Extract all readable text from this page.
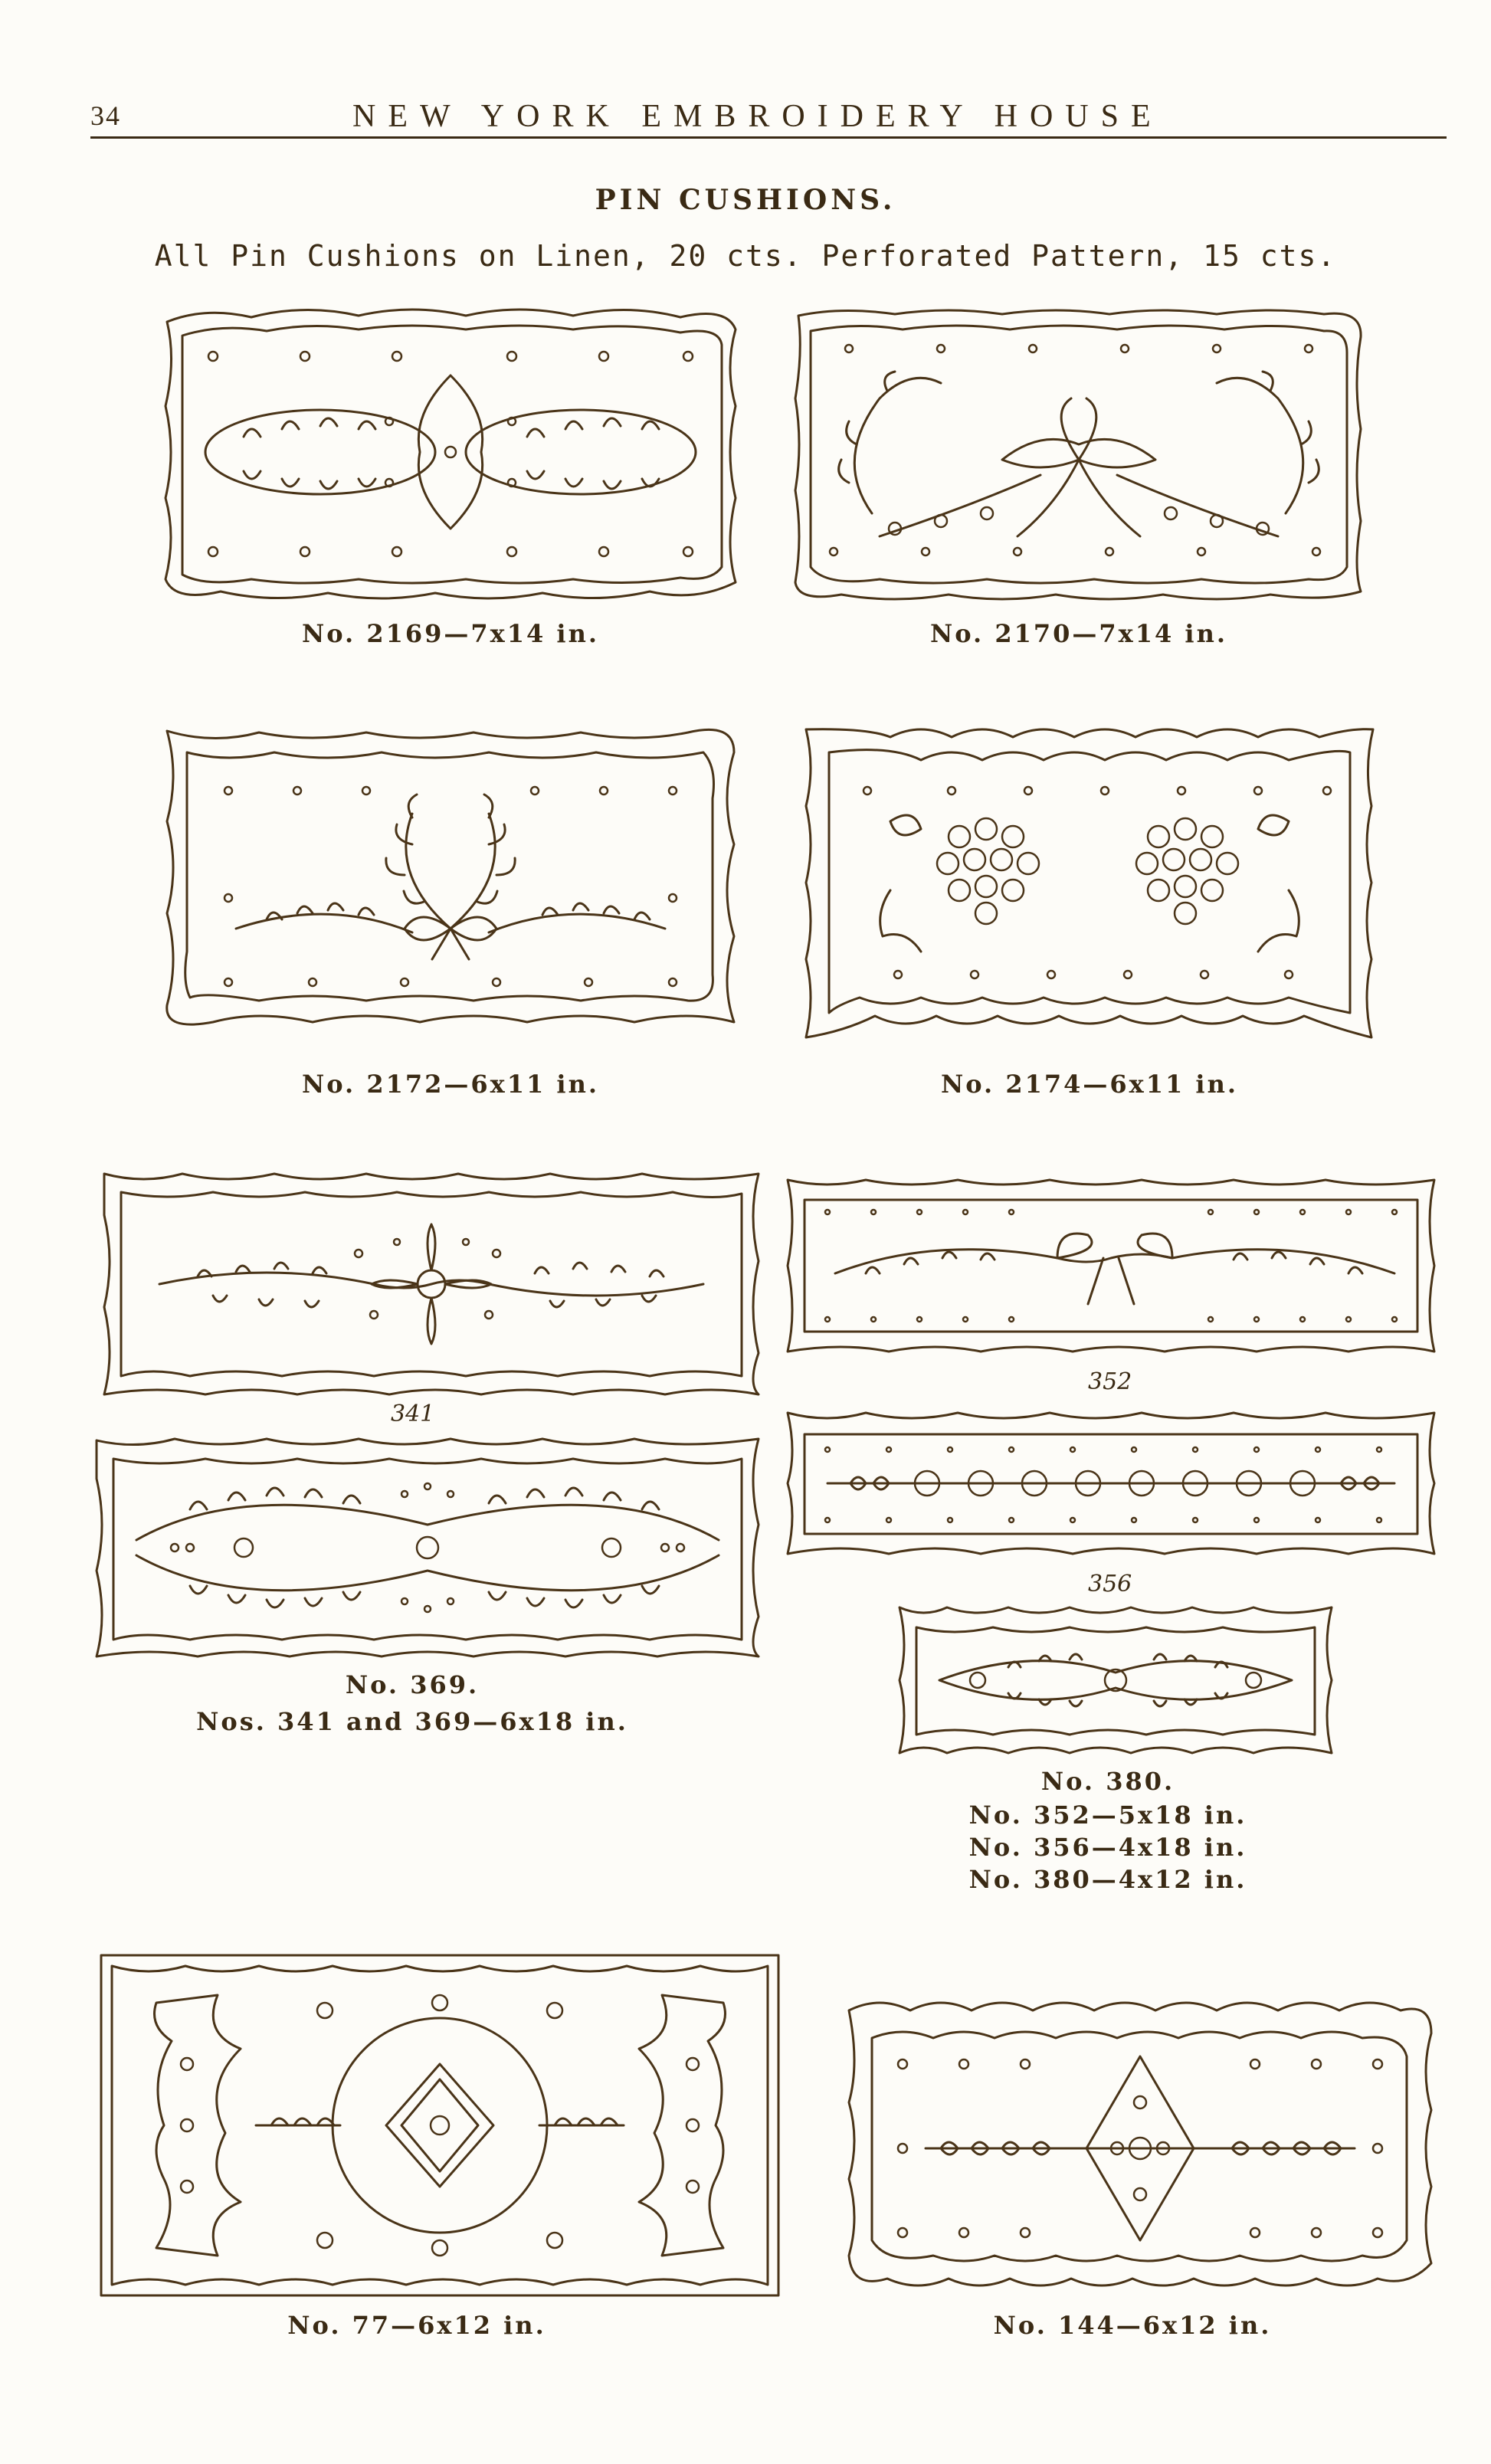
34	NEW YORK EMBROIDERY HOUSE
PIN CUSHIONS.
All Pin Cushions on Linen, 20 cts. Perforated Pattern, 15 cts.
No. 2169—7x14 in.	No. 2170—7x14 in.
No. 2172—6x11 in.	No. 2174—6x11 in.
341
No. 369.
Nos. 341 and 369—6x18 in.
352
356
No. 380.
No. 352—5x18 in.
No. 356—4x18 in.
No. 380—4x12 in.
No. 77—6x12 in.	No. 144—6x12 in.
